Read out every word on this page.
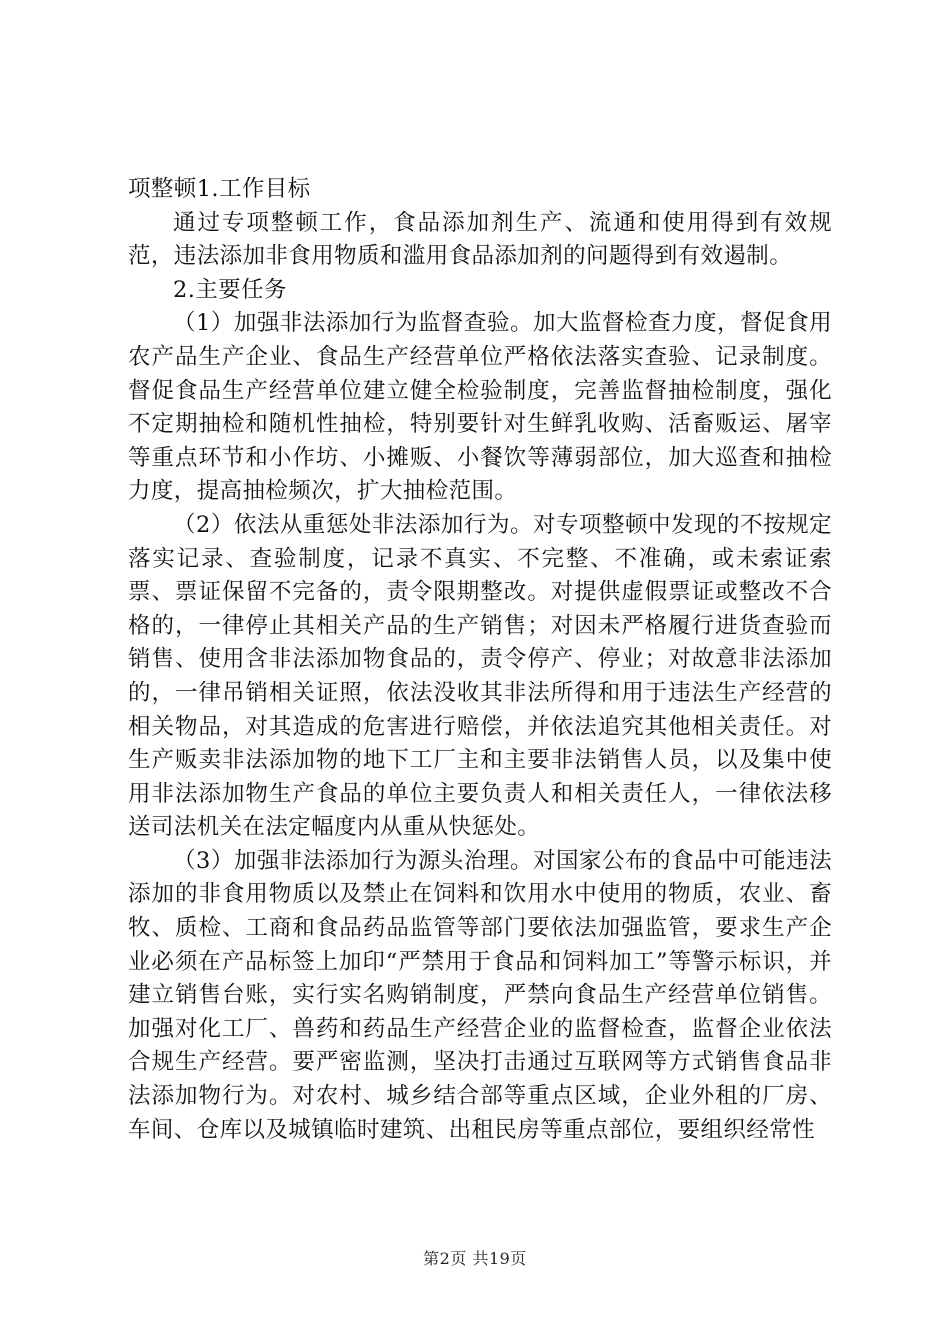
项整顿1.工作目标

通过专项整顿工作，食品添加剂生产、流通和使用得到有效规范，违法添加非食用物质和滥用食品添加剂的问题得到有效遏制。

2.主要任务

（1）加强非法添加行为监督查验。加大监督检查力度，督促食用农产品生产企业、食品生产经营单位严格依法落实查验、记录制度。督促食品生产经营单位建立健全检验制度，完善监督抽检制度，强化不定期抽检和随机性抽检，特别要针对生鲜乳收购、活畜贩运、屠宰等重点环节和小作坊、小摊贩、小餐饮等薄弱部位，加大巡查和抽检力度，提高抽检频次，扩大抽检范围。

（2）依法从重惩处非法添加行为。对专项整顿中发现的不按规定落实记录、查验制度，记录不真实、不完整、不准确，或未索证索票、票证保留不完备的，责令限期整改。对提供虚假票证或整改不合格的，一律停止其相关产品的生产销售；对因未严格履行进货查验而销售、使用含非法添加物食品的，责令停产、停业；对故意非法添加的，一律吊销相关证照，依法没收其非法所得和用于违法生产经营的相关物品，对其造成的危害进行赔偿，并依法追究其他相关责任。对生产贩卖非法添加物的地下工厂主和主要非法销售人员，以及集中使用非法添加物生产食品的单位主要负责人和相关责任人，一律依法移送司法机关在法定幅度内从重从快惩处。

（3）加强非法添加行为源头治理。对国家公布的食品中可能违法添加的非食用物质以及禁止在饲料和饮用水中使用的物质，农业、畜牧、质检、工商和食品药品监管等部门要依法加强监管，要求生产企业必须在产品标签上加印“严禁用于食品和饲料加工”等警示标识，并建立销售台账，实行实名购销制度，严禁向食品生产经营单位销售。加强对化工厂、兽药和药品生产经营企业的监督检查，监督企业依法合规生产经营。要严密监测，坚决打击通过互联网等方式销售食品非法添加物行为。对农村、城乡结合部等重点区域，企业外租的厂房、车间、仓库以及城镇临时建筑、出租民房等重点部位，要组织经常性

第2页 共19页
